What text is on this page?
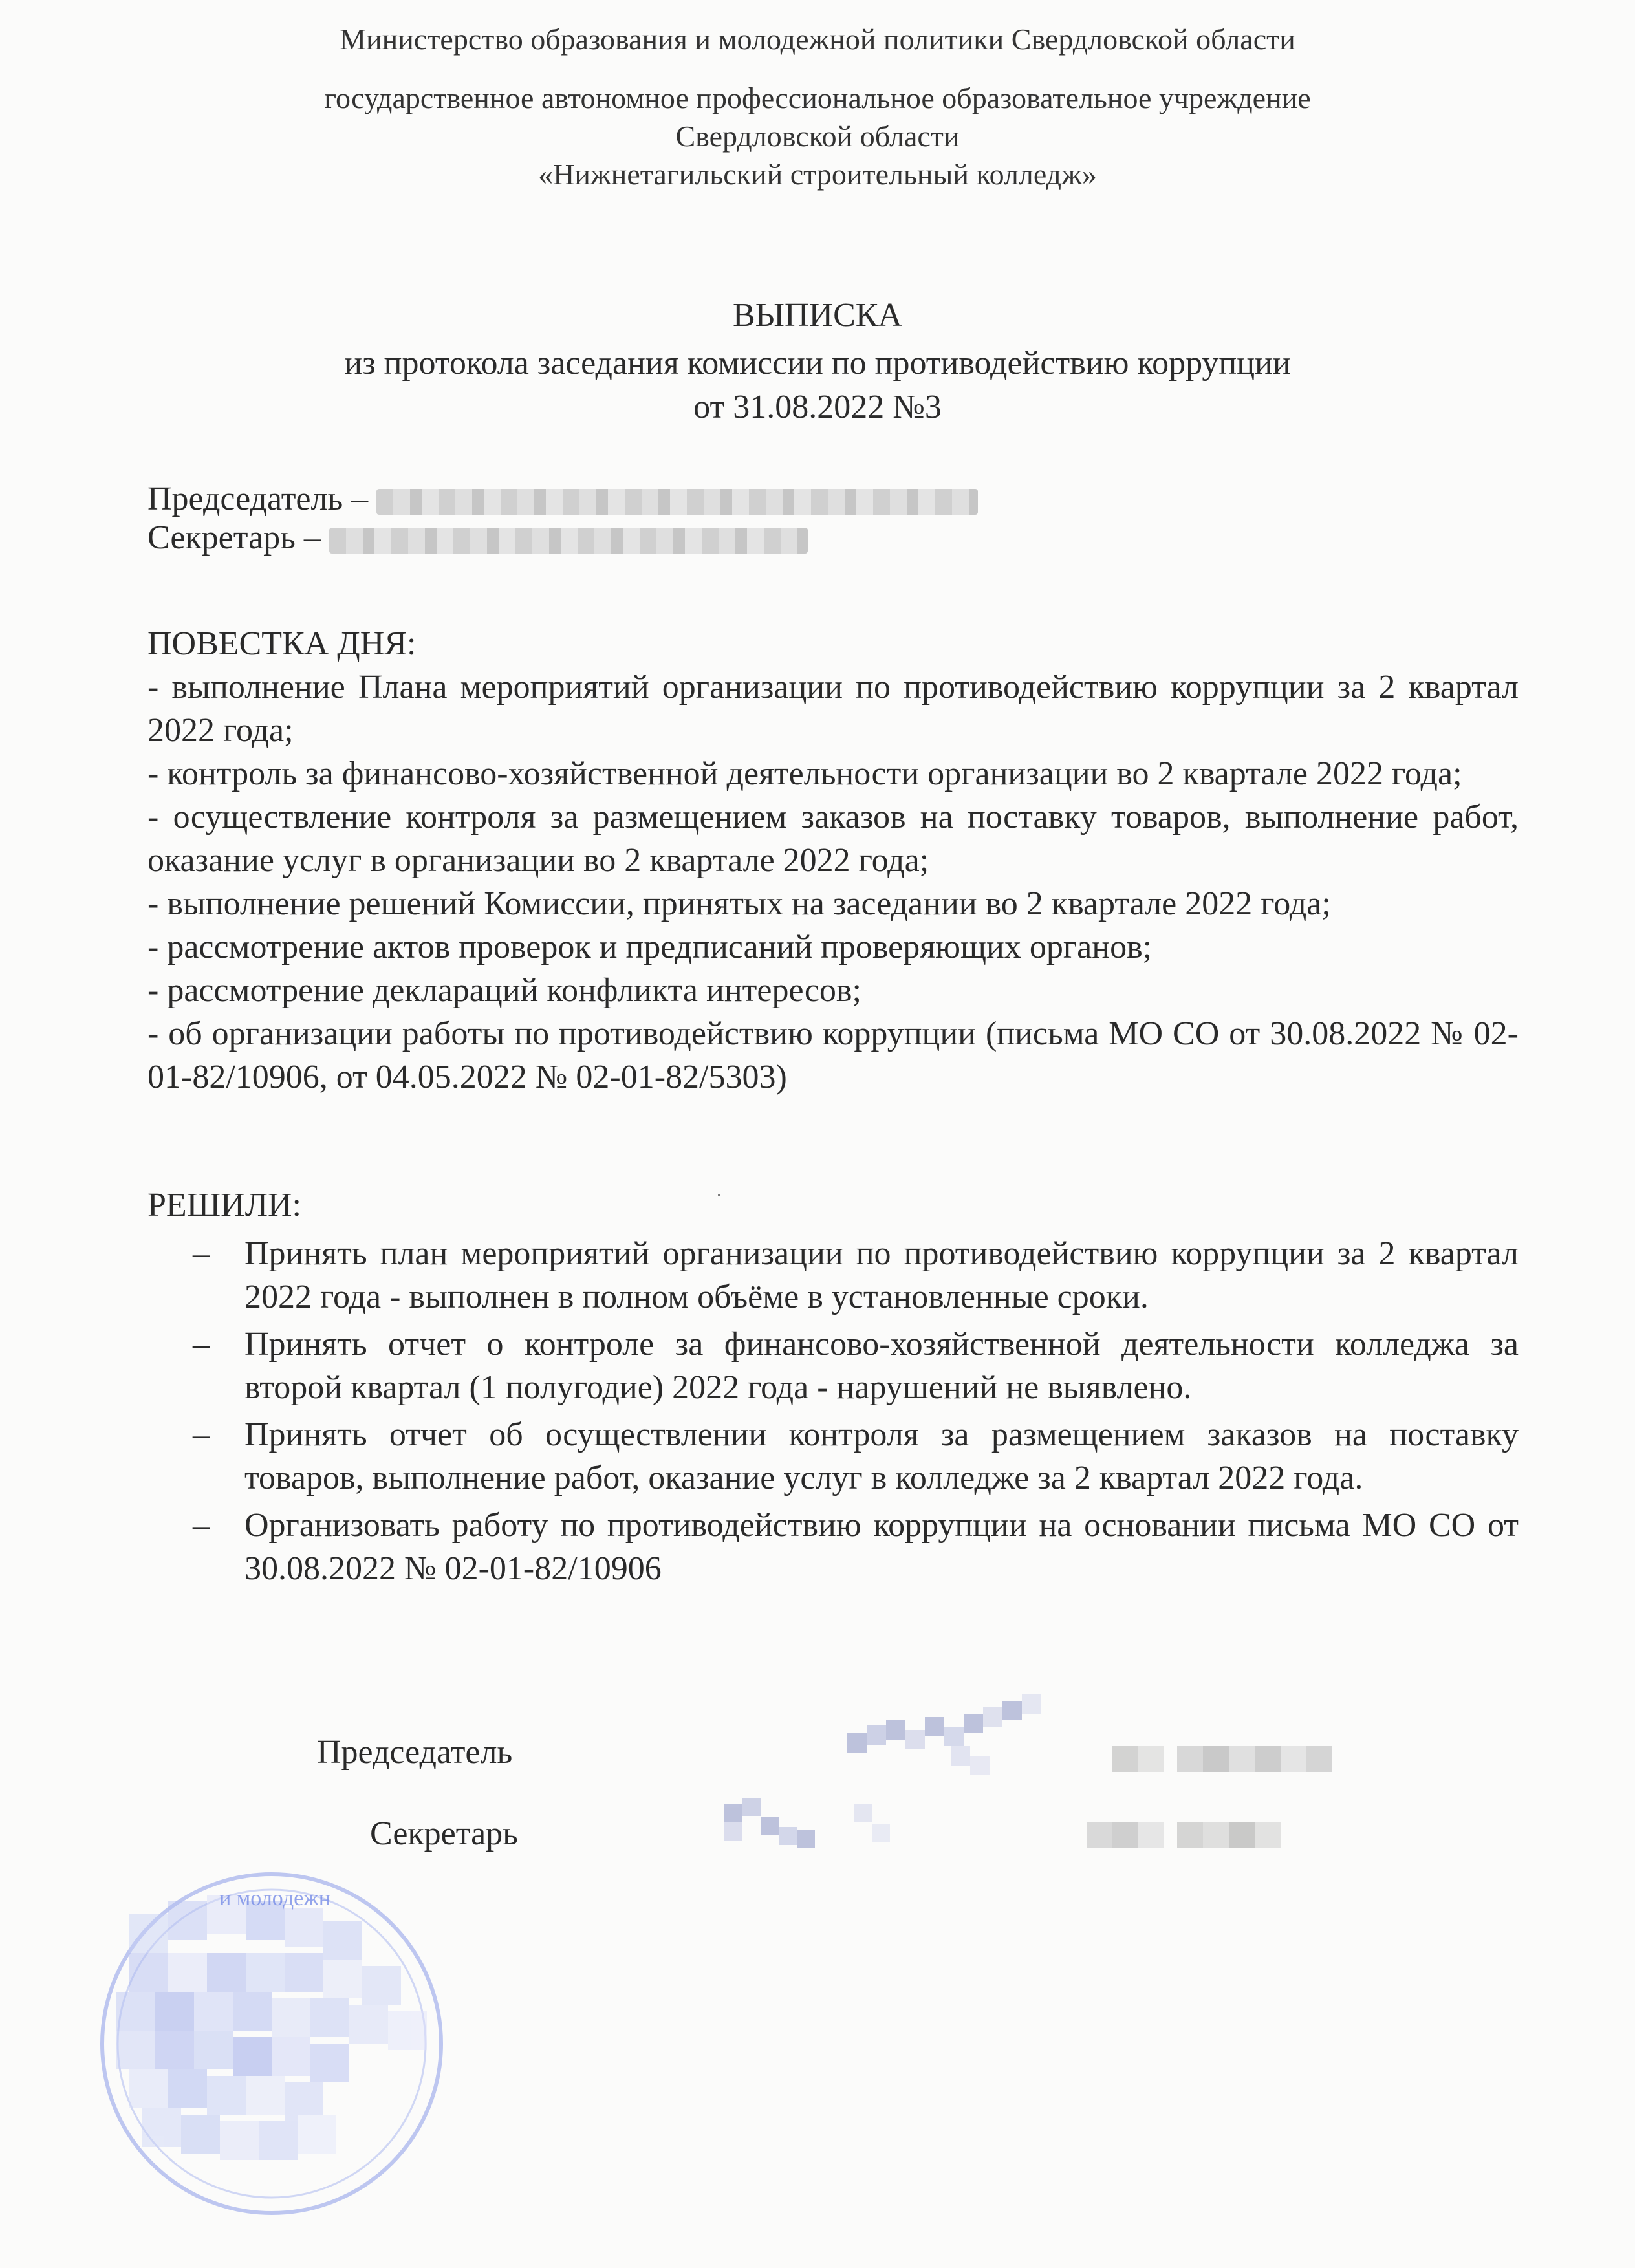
Министерство образования и молодежной политики Свердловской области
государственное автономное профессиональное образовательное учреждение
Свердловской области
«Нижнетагильский строительный колледж»
ВЫПИСКА
из протокола заседания комиссии по противодействию коррупции
от 31.08.2022 №3
Председатель –
Секретарь –
ПОВЕСТКА ДНЯ:
- выполнение Плана мероприятий организации по противодействию коррупции за 2 квартал 2022 года;
- контроль за финансово-хозяйственной деятельности организации во 2 квартале 2022 года;
- осуществление контроля за размещением заказов на поставку товаров, выполнение работ, оказание услуг в организации во 2 квартале 2022 года;
- выполнение решений Комиссии, принятых на заседании во 2 квартале 2022 года;
- рассмотрение актов проверок и предписаний проверяющих органов;
- рассмотрение деклараций конфликта интересов;
- об организации работы по противодействию коррупции (письма МО СО от 30.08.2022 № 02-01-82/10906, от 04.05.2022 № 02-01-82/5303)
РЕШИЛИ:
– Принять план мероприятий организации по противодействию коррупции за 2 квартал 2022 года - выполнен в полном объёме в установленные сроки.
– Принять отчет о контроле за финансово-хозяйственной деятельности колледжа за второй квартал (1 полугодие) 2022 года - нарушений не выявлено.
– Принять отчет об осуществлении контроля за размещением заказов на поставку товаров, выполнение работ, оказание услуг в колледже за 2 квартал 2022 года.
– Организовать работу по противодействию коррупции на основании письма МО СО от 30.08.2022 № 02-01-82/10906
Председатель
Секретарь
и молодежн
